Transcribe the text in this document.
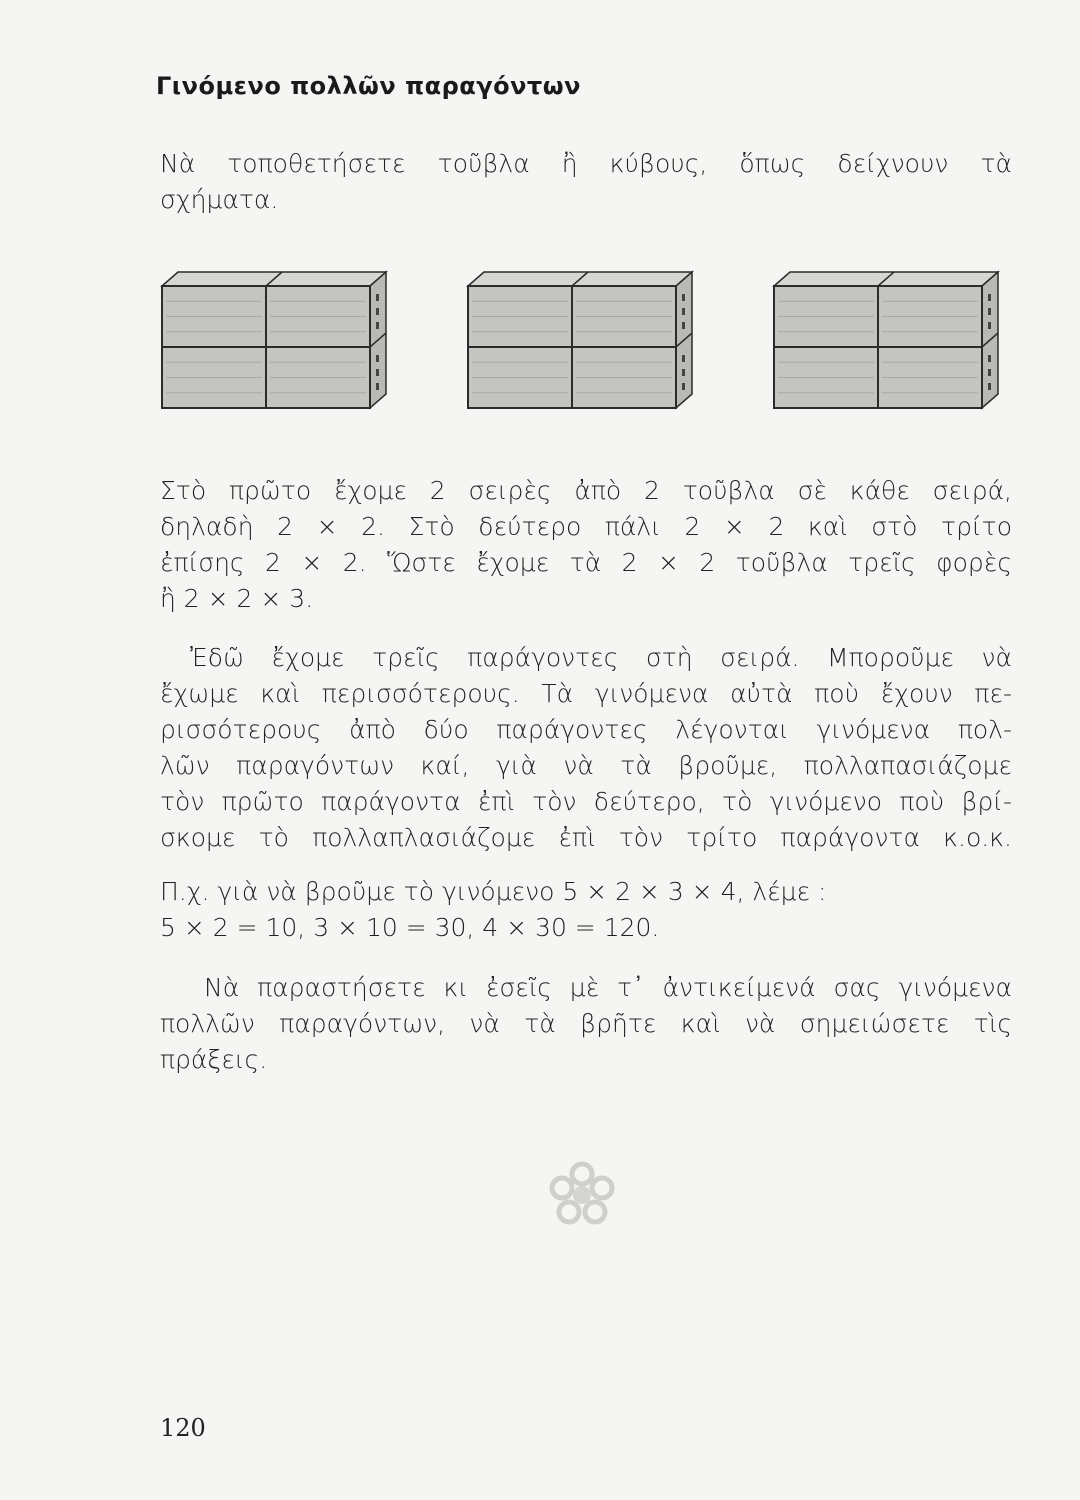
Γινόμενο πολλῶν παραγόντων
Νὰ τοποθετήσετε τοῦβλα ἢ κύβους, ὅπως δείχνουν τὰ
σχήματα.
Στὸ πρῶτο ἔχομε 2 σειρὲς ἀπὸ 2 τοῦβλα σὲ κάθε σειρά,
δηλαδὴ 2 × 2. Στὸ δεύτερο πάλι 2 × 2 καὶ στὸ τρίτο
ἐπίσης 2 × 2. Ὥστε ἔχομε τὰ 2 × 2 τοῦβλα τρεῖς φορὲς
ἢ 2 × 2 × 3.
Ἐδῶ ἔχομε τρεῖς παράγοντες στὴ σειρά. Μποροῦμε νὰ
ἔχωμε καὶ περισσότερους. Τὰ γινόμενα αὐτὰ ποὺ ἔχουν πε-
ρισσότερους ἀπὸ δύο παράγοντες λέγονται γινόμενα πολ-
λῶν παραγόντων καί, γιὰ νὰ τὰ βροῦμε, πολλαπασιάζομε
τὸν πρῶτο παράγοντα ἐπὶ τὸν δεύτερο, τὸ γινόμενο ποὺ βρί-
σκομε τὸ πολλαπλασιάζομε ἐπὶ τὸν τρίτο παράγοντα κ.ο.κ.
Π.χ. γιὰ νὰ βροῦμε τὸ γινόμενο 5 × 2 × 3 × 4, λέμε :
5 × 2 = 10, 3 × 10 = 30, 4 × 30 = 120.
Νὰ παραστήσετε κι ἐσεῖς μὲ τ᾽ ἀντικείμενά σας γινόμενα
πολλῶν παραγόντων, νὰ τὰ βρῆτε καὶ νὰ σημειώσετε τὶς
πράξεις.
120
